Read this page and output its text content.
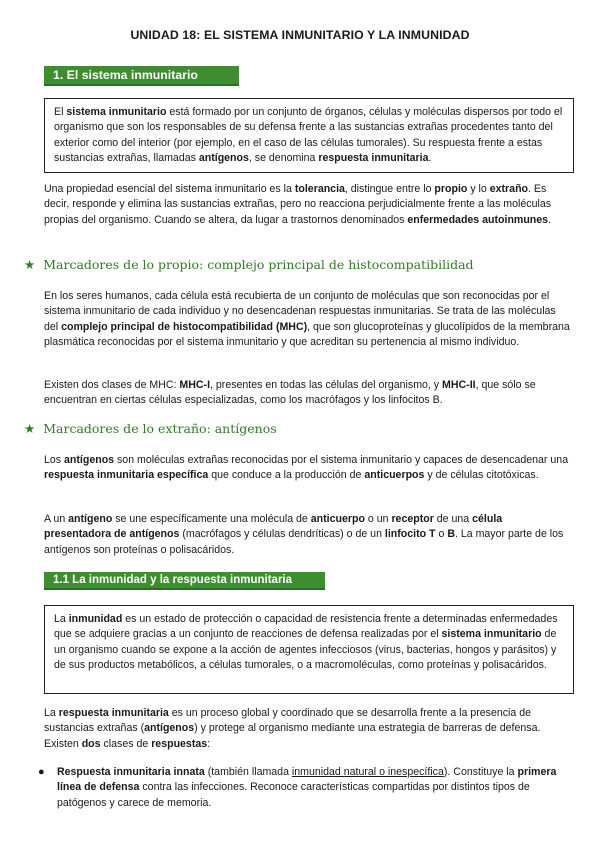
UNIDAD 18: EL SISTEMA INMUNITARIO Y LA INMUNIDAD
1. El sistema inmunitario
El sistema inmunitario está formado por un conjunto de órganos, células y moléculas dispersos por todo el organismo que son los responsables de su defensa frente a las sustancias extrañas procedentes tanto del exterior como del interior (por ejemplo, en el caso de las células tumorales). Su respuesta frente a estas sustancias extrañas, llamadas antígenos, se denomina respuesta inmunitaria.
Una propiedad esencial del sistema inmunitario es la tolerancia, distingue entre lo propio y lo extraño. Es decir, responde y elimina las sustancias extrañas, pero no reacciona perjudicialmente frente a las moléculas propias del organismo. Cuando se altera, da lugar a trastornos denominados enfermedades autoinmunes.
★ Marcadores de lo propio: complejo principal de histocompatibilidad
En los seres humanos, cada célula está recubierta de un conjunto de moléculas que son reconocidas por el sistema inmunitario de cada individuo y no desencadenan respuestas inmunitarias. Se trata de las moléculas del complejo principal de histocompatibilidad (MHC), que son glucoproteínas y glucolípidos de la membrana plasmática reconocidas por el sistema inmunitario y que acreditan su pertenencia al mismo individuo.
Existen dos clases de MHC: MHC-I, presentes en todas las células del organismo, y MHC-II, que sólo se encuentran en ciertas células especializadas, como los macrófagos y los linfocitos B.
★ Marcadores de lo extraño: antígenos
Los antígenos son moléculas extrañas reconocidas por el sistema inmunitario y capaces de desencadenar una respuesta inmunitaria específica que conduce a la producción de anticuerpos y de células citotóxicas.
A un antígeno se une específicamente una molécula de anticuerpo o un receptor de una célula presentadora de antígenos (macrófagos y células dendríticas) o de un linfocito T o B. La mayor parte de los antígenos son proteínas o polisacáridos.
1.1 La inmunidad y la respuesta inmunitaria
La inmunidad es un estado de protección o capacidad de resistencia frente a determinadas enfermedades que se adquiere gracias a un conjunto de reacciones de defensa realizadas por el sistema inmunitario de un organismo cuando se expone a la acción de agentes infecciosos (virus, bacterias, hongos y parásitos) y de sus productos metabólicos, a células tumorales, o a macromoléculas, como proteínas y polisacáridos.
La respuesta inmunitaria es un proceso global y coordinado que se desarrolla frente a la presencia de sustancias extrañas (antígenos) y protege al organismo mediante una estrategia de barreras de defensa. Existen dos clases de respuestas:
● Respuesta inmunitaria innata (también llamada inmunidad natural o inespecífica). Constituye la primera línea de defensa contra las infecciones. Reconoce características compartidas por distintos tipos de patógenos y carece de memoria.
